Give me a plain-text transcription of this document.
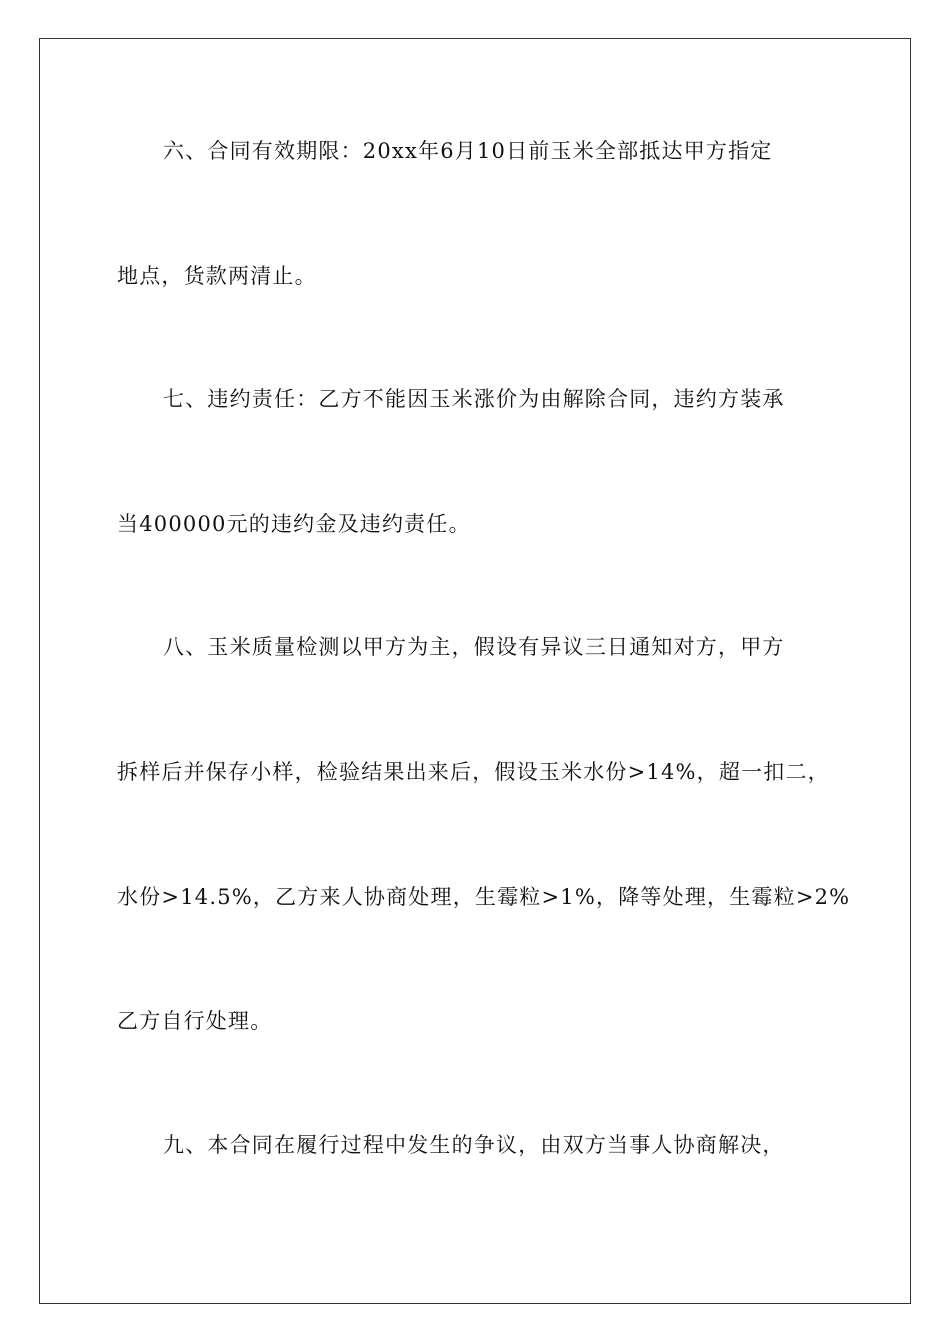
六、合同有效期限：20xx年6月10日前玉米全部抵达甲方指定
地点，货款两清止。
七、违约责任：乙方不能因玉米涨价为由解除合同，违约方装承
当400000元的违约金及违约责任。
八、玉米质量检测以甲方为主，假设有异议三日通知对方，甲方
拆样后并保存小样，检验结果出来后，假设玉米水份>14%，超一扣二，
水份>14.5%，乙方来人协商处理，生霉粒>1%，降等处理，生霉粒>2%
乙方自行处理。
九、本合同在履行过程中发生的争议，由双方当事人协商解决，
